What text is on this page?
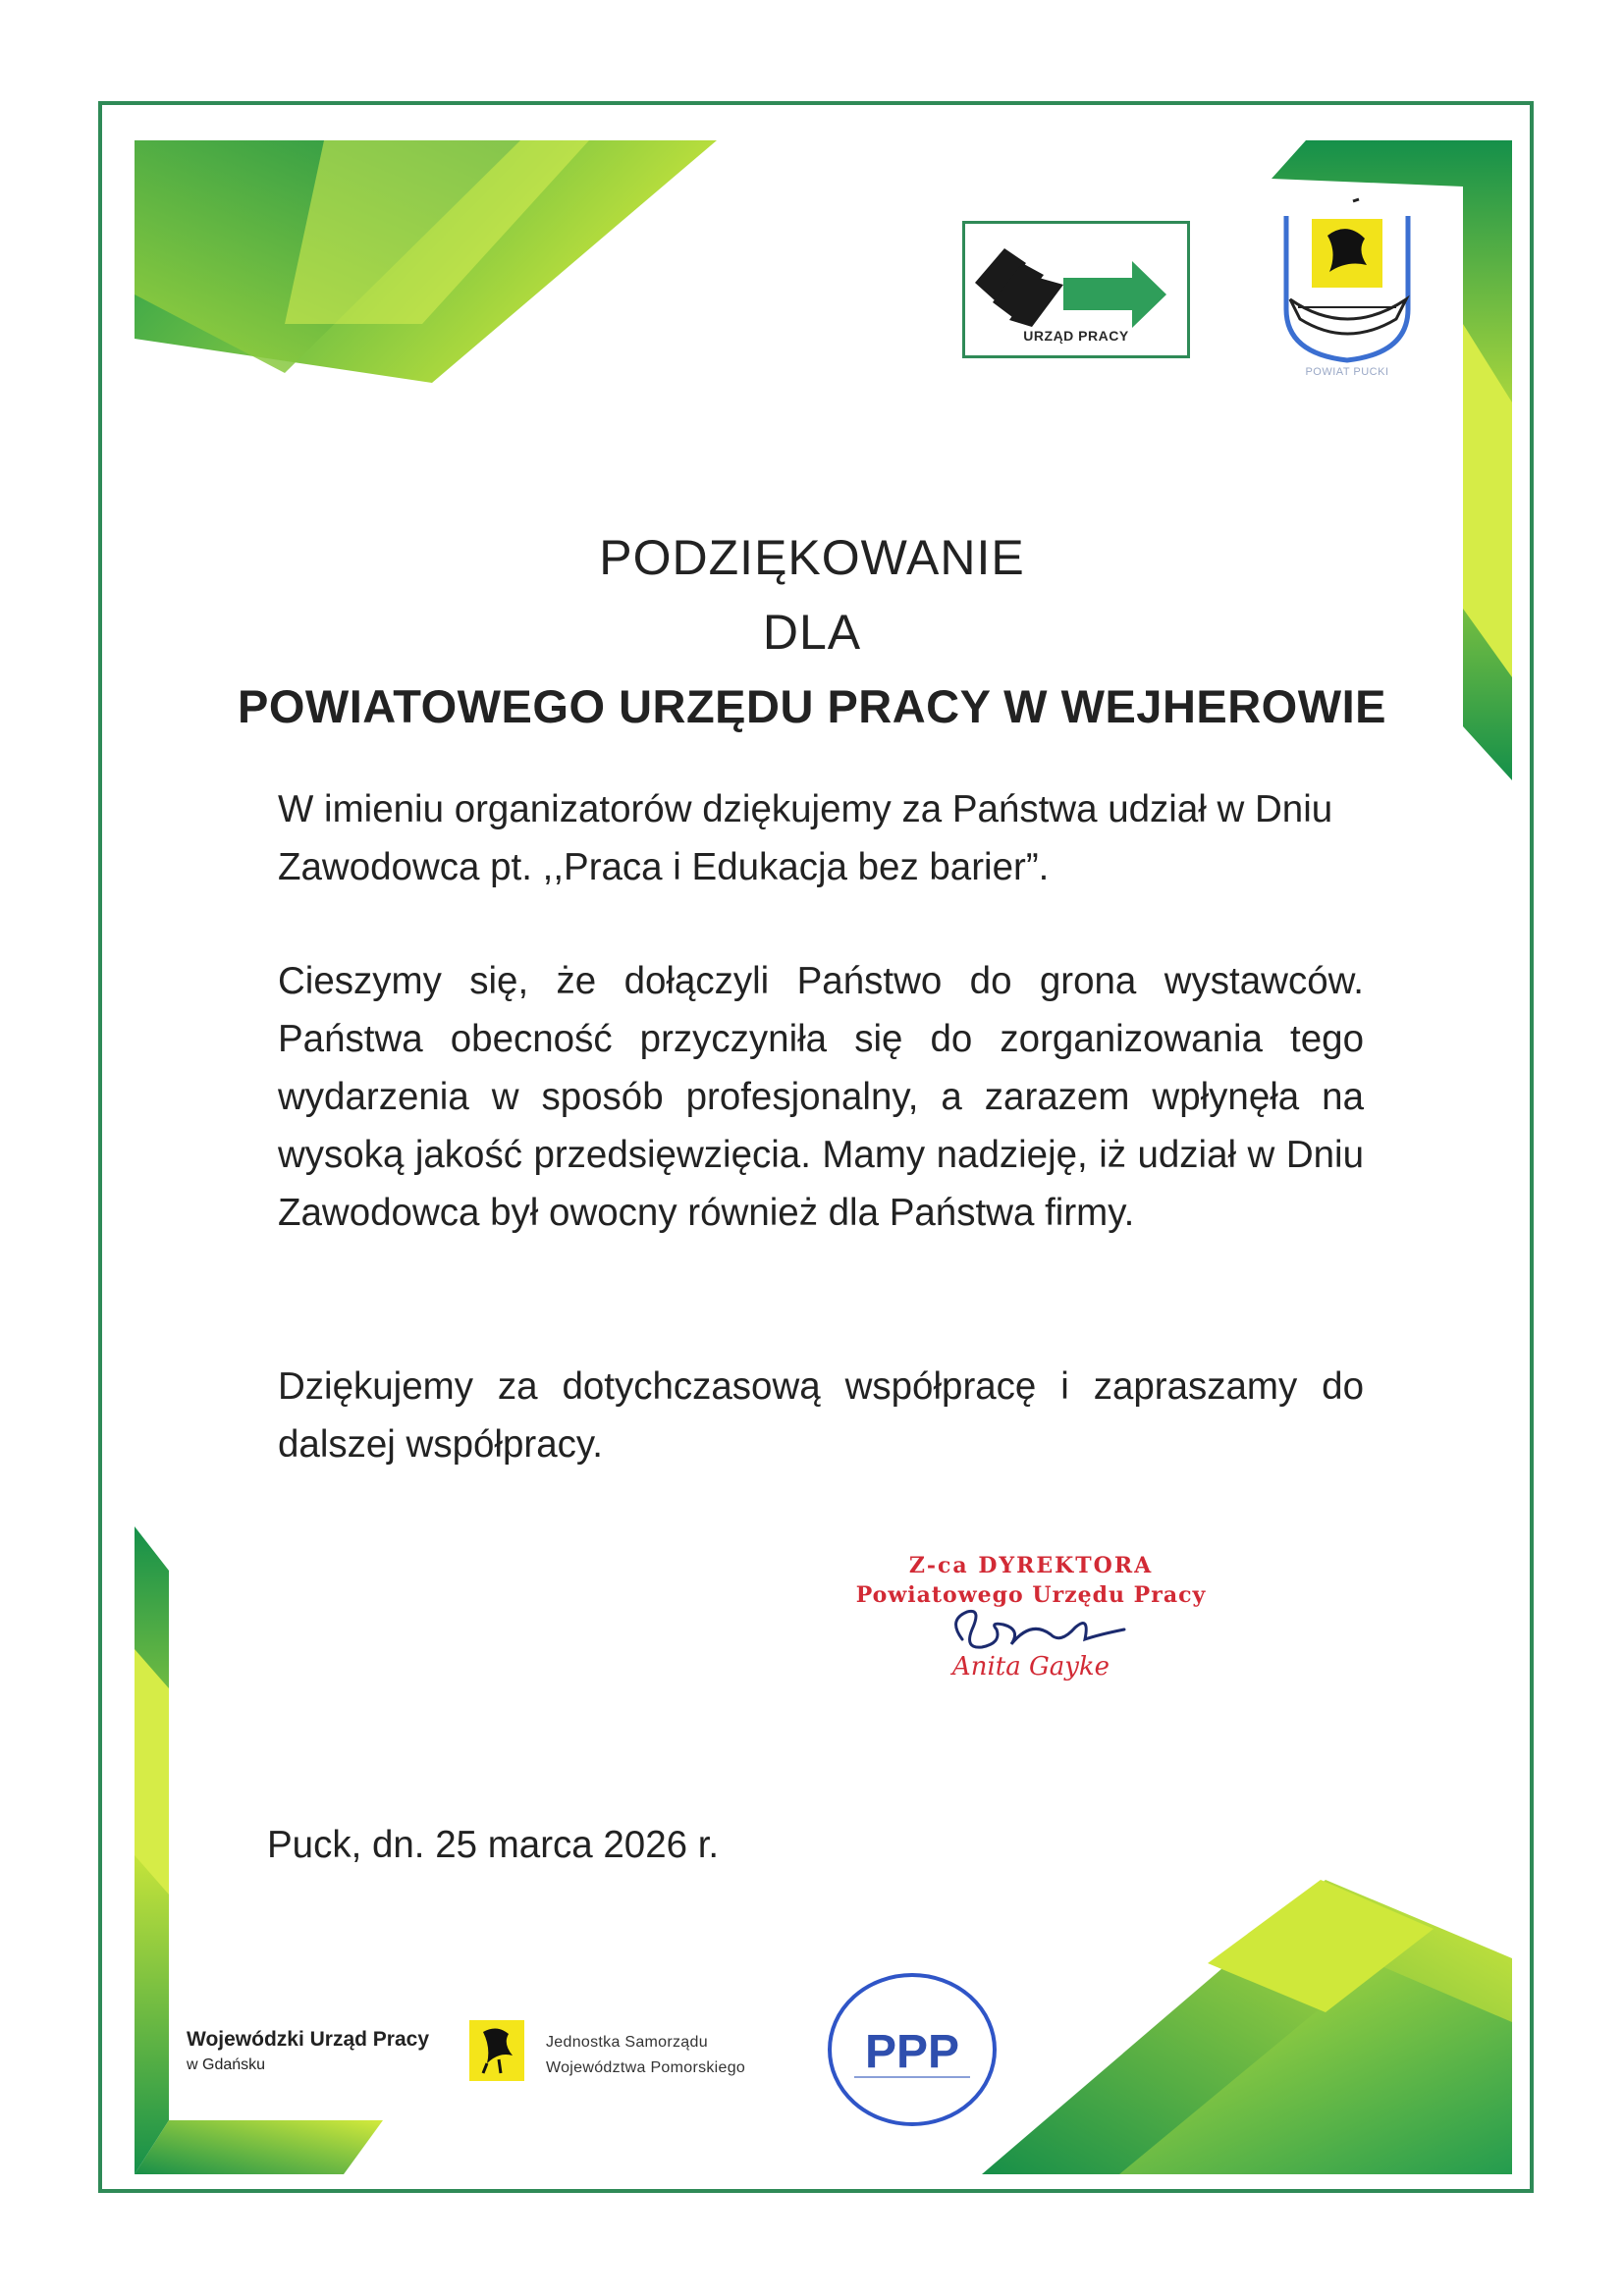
URZĄD PRACY
POWIAT PUCKI
PODZIĘKOWANIE
DLA
POWIATOWEGO URZĘDU PRACY W WEJHEROWIE

W imieniu organizatorów dziękujemy za Państwa udział w Dniu Zawodowca pt. ,,Praca i Edukacja bez barier”.

Cieszymy się, że dołączyli Państwo do grona wystawców. Państwa obecność przyczyniła się do zorganizowania tego wydarzenia w sposób profesjonalny, a zarazem wpłynęła na wysoką jakość przedsięwzięcia. Mamy nadzieję, iż udział w Dniu Zawodowca był owocny również dla Państwa firmy.

Dziękujemy za dotychczasową współpracę i zapraszamy do dalszej współpracy.

Z-ca DYREKTORA
Powiatowego Urzędu Pracy
Anita Gayke
Puck, dn. 25 marca 2026 r.
Wojewódzki Urząd Pracy
w Gdańsku
Jednostka Samorządu
Województwa Pomorskiego	PPP
